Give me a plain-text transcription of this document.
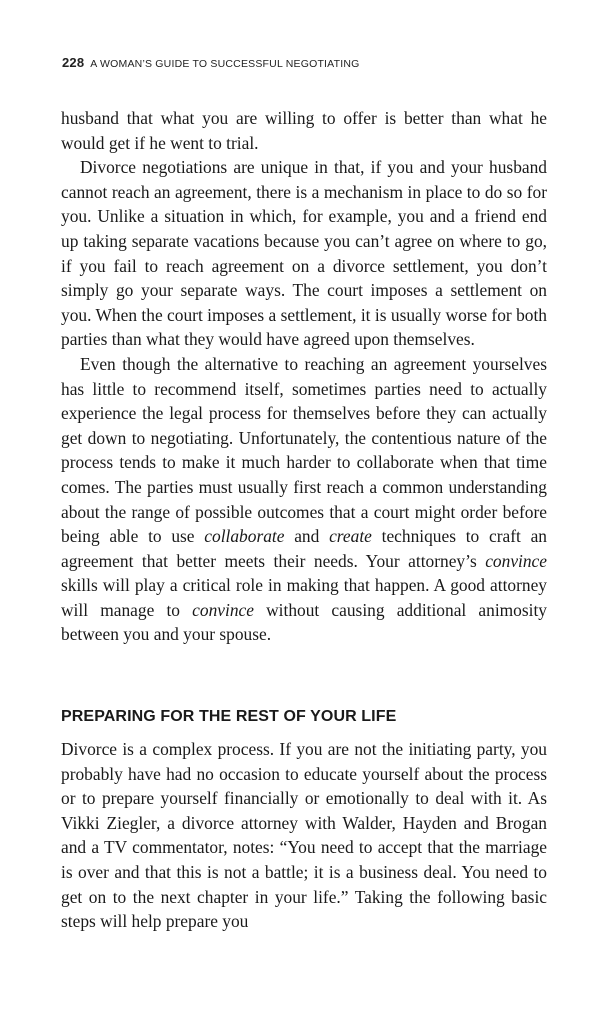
228 A WOMAN’S GUIDE TO SUCCESSFUL NEGOTIATING

husband that what you are willing to offer is better than what he would get if he went to trial.

Divorce negotiations are unique in that, if you and your husband cannot reach an agreement, there is a mechanism in place to do so for you. Unlike a situation in which, for example, you and a friend end up taking separate vacations because you can’t agree on where to go, if you fail to reach agreement on a divorce settlement, you don’t simply go your separate ways. The court imposes a settlement on you. When the court imposes a settlement, it is usually worse for both parties than what they would have agreed upon themselves.

Even though the alternative to reaching an agreement yourselves has little to recommend itself, sometimes parties need to actually experience the legal process for themselves before they can actually get down to negotiating. Unfortunately, the contentious nature of the process tends to make it much harder to collaborate when that time comes. The parties must usually first reach a common understanding about the range of possible outcomes that a court might order before being able to use collaborate and create techniques to craft an agreement that better meets their needs. Your attorney’s convince skills will play a critical role in making that happen. A good attorney will manage to convince without causing additional animosity between you and your spouse.

PREPARING FOR THE REST OF YOUR LIFE

Divorce is a complex process. If you are not the initiating party, you probably have had no occasion to educate yourself about the process or to prepare yourself financially or emotionally to deal with it. As Vikki Ziegler, a divorce attorney with Walder, Hayden and Brogan and a TV commentator, notes: “You need to accept that the marriage is over and that this is not a battle; it is a business deal. You need to get on to the next chapter in your life.” Taking the following basic steps will help prepare you
